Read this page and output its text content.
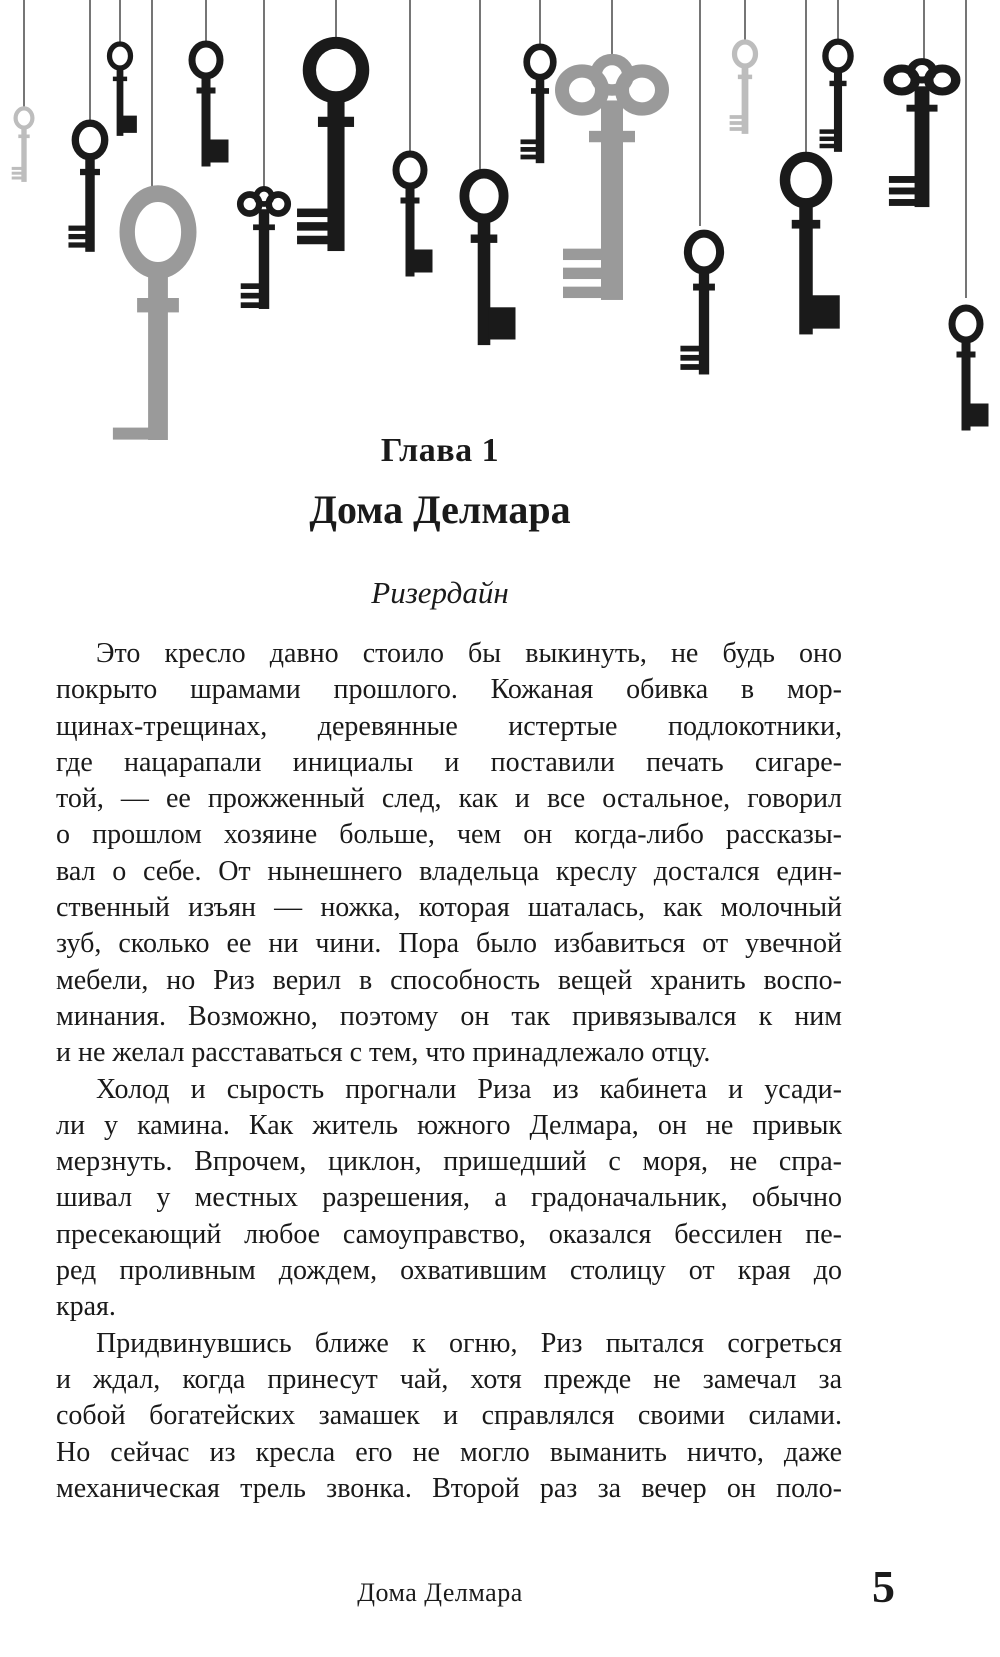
Глава 1
Дома Делмара
Ризердайн
Это кресло давно стоило бы выкинуть, не будь оно
покрыто шрамами прошлого. Кожаная обивка в мор-
щинах-трещинах, деревянные истертые подлокотники,
где нацарапали инициалы и поставили печать сигаре-
той, — ее прожженный след, как и все остальное, говорил
о прошлом хозяине больше, чем он когда-либо рассказы-
вал о себе. От нынешнего владельца креслу достался един-
ственный изъян — ножка, которая шаталась, как молочный
зуб, сколько ее ни чини. Пора было избавиться от увечной
мебели, но Риз верил в способность вещей хранить воспо-
минания. Возможно, поэтому он так привязывался к ним
и не желал расставаться с тем, что принадлежало отцу.
Холод и сырость прогнали Риза из кабинета и усади-
ли у камина. Как житель южного Делмара, он не привык
мерзнуть. Впрочем, циклон, пришедший с моря, не спра-
шивал у местных разрешения, а градоначальник, обычно
пресекающий любое самоуправство, оказался бессилен пе-
ред проливным дождем, охватившим столицу от края до
края.
Придвинувшись ближе к огню, Риз пытался согреться
и ждал, когда принесут чай, хотя прежде не замечал за
собой богатейских замашек и справлялся своими силами.
Но сейчас из кресла его не могло выманить ничто, даже
механическая трель звонка. Второй раз за вечер он поло-
Дома Делмара	5
